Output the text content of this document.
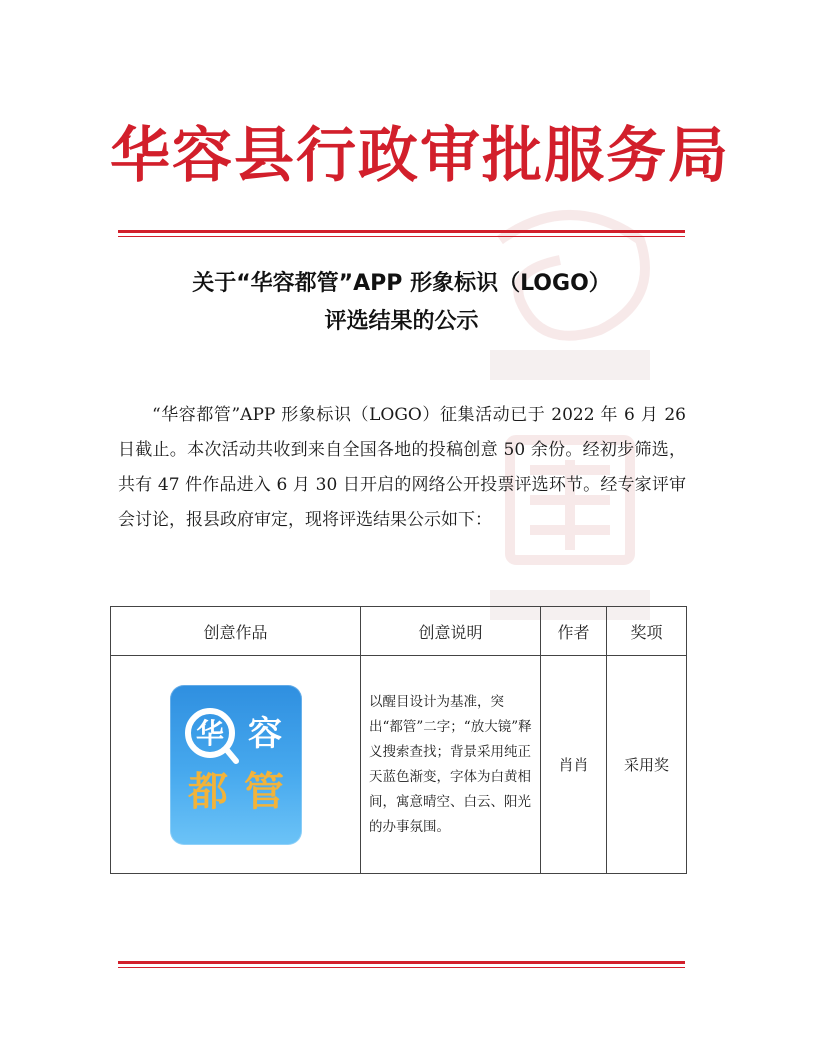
华容县行政审批服务局
关于“华容都管”APP 形象标识（LOGO）
评选结果的公示

“华容都管”APP 形象标识（LOGO）征集活动已于 2022 年 6 月 26 日截止。本次活动共收到来自全国各地的投稿创意 50 余份。经初步筛选，共有 47 件作品进入 6 月 30 日开启的网络公开投票评选环节。经专家评审会讨论，报县政府审定，现将评选结果公示如下：

创意作品	创意说明	作者	奖项

华 容
都 管	以醒目设计为基准，突出“都管”二字；“放大镜”释义搜索查找；背景采用纯正天蓝色渐变，字体为白黄相间，寓意晴空、白云、阳光的办事氛围。	肖肖	采用奖
